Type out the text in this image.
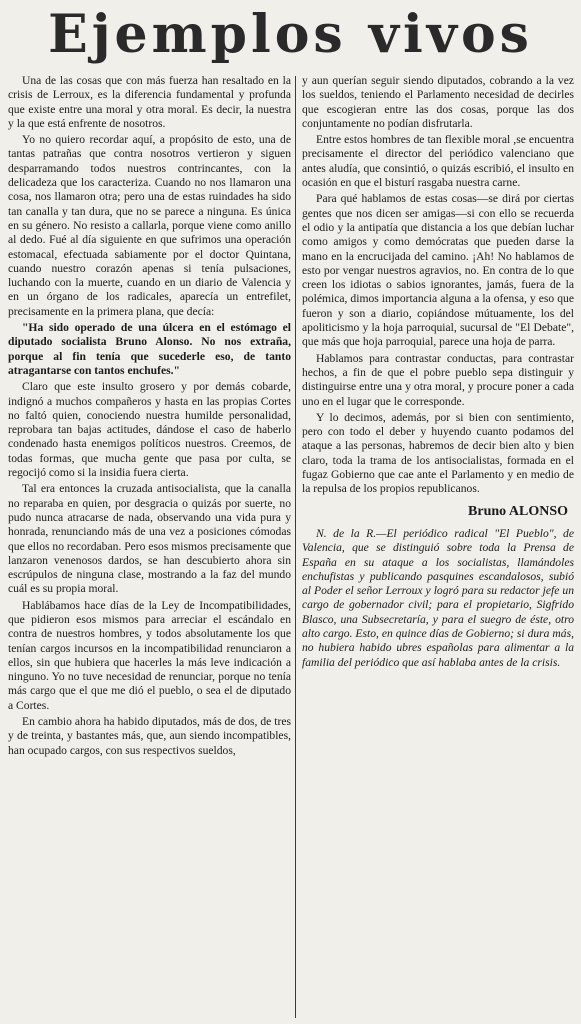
Ejemplos vivos

Una de las cosas que con más fuerza han resaltado en la crisis de Lerroux, es la diferencia fundamental y profunda que existe entre una moral y otra moral. Es decir, la nuestra y la que está enfrente de nosotros.

Yo no quiero recordar aquí, a propósito de esto, una de tantas patrañas que contra nosotros vertieron y siguen desparramando todos nuestros contrincantes, con la delicadeza que los caracteriza. Cuando no nos llamaron una cosa, nos llamaron otra; pero una de estas ruindades ha sido tan canalla y tan dura, que no se parece a ninguna. Es única en su género. No resisto a callarla, porque viene como anillo al dedo. Fué al día siguiente en que sufrimos una operación estomacal, efectuada sabiamente por el doctor Quintana, cuando nuestro corazón apenas si tenía pulsaciones, luchando con la muerte, cuando en un diario de Valencia y en un órgano de los radicales, aparecía un entrefilet, precisamente en la primera plana, que decía:

"Ha sido operado de una úlcera en el estómago el diputado socialista Bruno Alonso. No nos extraña, porque al fin tenía que sucederle eso, de tanto atragantarse con tantos enchufes."

Claro que este insulto grosero y por demás cobarde, indignó a muchos compañeros y hasta en las propias Cortes no faltó quien, conociendo nuestra humilde personalidad, reprobara tan bajas actitudes, dándose el caso de haberlo condenado hasta enemigos políticos nuestros. Creemos, de todas formas, que mucha gente que pasa por culta, se regocijó como si la insidia fuera cierta.

Tal era entonces la cruzada antisocialista, que la canalla no reparaba en quien, por desgracia o quizás por suerte, no pudo nunca atracarse de nada, observando una vida pura y honrada, renunciando más de una vez a posiciones cómodas que ellos no recordaban. Pero esos mismos precisamente que lanzaron venenosos dardos, se han descubierto ahora sin escrúpulos de ninguna clase, mostrando a la faz del mundo cuál es su propia moral.

Hablábamos hace días de la Ley de Incompatibilidades, que pidieron esos mismos para arreciar el escándalo en contra de nuestros hombres, y todos absolutamente los que tenían cargos incursos en la incompatibilidad renunciaron a ellos, sin que hubiera que hacerles la más leve indicación a ninguno. Yo no tuve necesidad de renunciar, porque no tenía más cargo que el que me dió el pueblo, o sea el de diputado a Cortes.

En cambio ahora ha habido diputados, más de dos, de tres y de treinta, y bastantes más, que, aun siendo incompatibles, han ocupado cargos, con sus respectivos sueldos,

y aun querían seguir siendo diputados, cobrando a la vez los sueldos, teniendo el Parlamento necesidad de decirles que escogieran entre las dos cosas, porque las dos conjuntamente no podían disfrutarla.

Entre estos hombres de tan flexible moral ,se encuentra precisamente el director del periódico valenciano que antes aludía, que consintió, o quizás escribió, el insulto en ocasión en que el bisturí rasgaba nuestra carne.

Para qué hablamos de estas cosas—se dirá por ciertas gentes que nos dicen ser amigas—si con ello se recuerda el odio y la antipatía que distancia a los que debían luchar como amigos y como demócratas que pueden darse la mano en la encrucijada del camino. ¡Ah! No hablamos de esto por vengar nuestros agravios, no. En contra de lo que creen los idiotas o sabios ignorantes, jamás, fuera de la polémica, dimos importancia alguna a la ofensa, y eso que fueron y son a diario, copiándose mútuamente, los del apoliticismo y la hoja parroquial, sucursal de "El Debate", que más que hoja parroquial, parece una hoja de parra.

Hablamos para contrastar conductas, para contrastar hechos, a fin de que el pobre pueblo sepa distinguir y distinguirse entre una y otra moral, y procure poner a cada uno en el lugar que le corresponde.

Y lo decimos, además, por si bien con sentimiento, pero con todo el deber y huyendo cuanto podamos del ataque a las personas, habremos de decir bien alto y bien claro, toda la trama de los antisocialistas, formada en el fugaz Gobierno que cae ante el Parlamento y en medio de la repulsa de los propios republicanos.

Bruno ALONSO

N. de la R.—El periódico radical "El Pueblo", de Valencia, que se distinguió sobre toda la Prensa de España en su ataque a los socialistas, llamándoles enchufistas y publicando pasquines escandalosos, subió al Poder el señor Lerroux y logró para su redactor jefe un cargo de gobernador civil; para el propietario, Sigfrido Blasco, una Subsecretaría, y para el suegro de éste, otro alto cargo. Esto, en quince días de Gobierno; si dura más, no hubiera habido ubres españolas para alimentar a la familia del periódico que así hablaba antes de la crisis.
